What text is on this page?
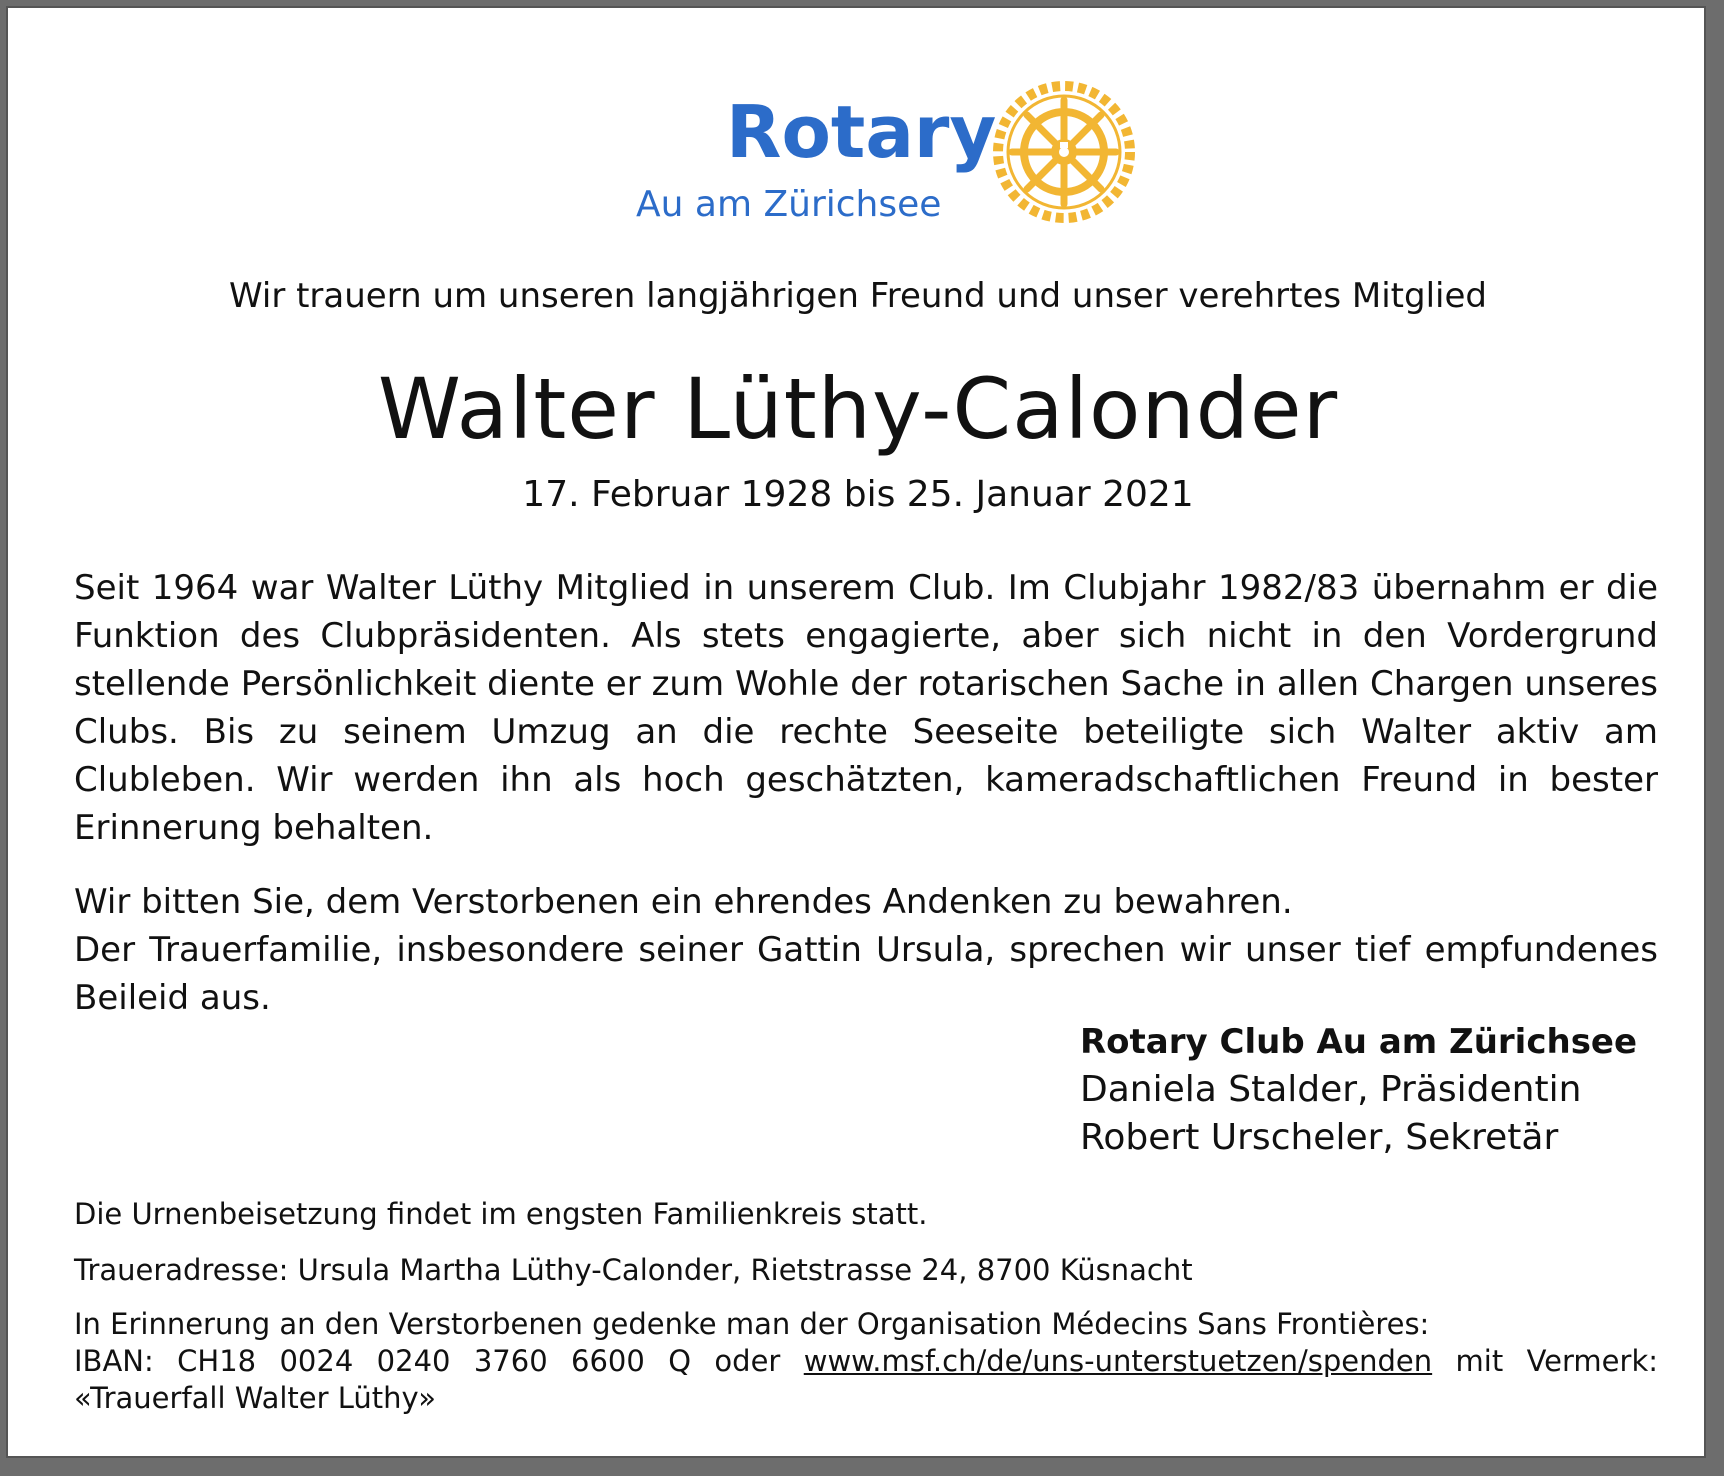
Rotary
Au am Zürichsee
Wir trauern um unseren langjährigen Freund und unser verehrtes Mitglied
Walter Lüthy-Calonder
17. Februar 1928 bis 25. Januar 2021
Seit 1964 war Walter Lüthy Mitglied in unserem Club. Im Clubjahr 1982/83 übernahm er die Funktion des Clubpräsidenten. Als stets engagierte, aber sich nicht in den Vordergrund stellende Persönlichkeit diente er zum Wohle der rotarischen Sache in allen Chargen unseres Clubs. Bis zu seinem Umzug an die rechte Seeseite beteiligte sich Walter aktiv am Clubleben. Wir werden ihn als hoch geschätzten, kameradschaftlichen Freund in bester Erinnerung behalten.
Wir bitten Sie, dem Verstorbenen ein ehrendes Andenken zu bewahren.
Der Trauerfamilie, insbesondere seiner Gattin Ursula, sprechen wir unser tief empfundenes Beileid aus.
Rotary Club Au am Zürichsee
Daniela Stalder, Präsidentin
Robert Urscheler, Sekretär
Die Urnenbeisetzung findet im engsten Familienkreis statt.
Traueradresse: Ursula Martha Lüthy-Calonder, Rietstrasse 24, 8700 Küsnacht
In Erinnerung an den Verstorbenen gedenke man der Organisation Médecins Sans Frontières:
IBAN: CH18 0024 0240 3760 6600 Q oder www.msf.ch/de/uns-unterstuetzen/spenden mit Vermerk:
«Trauerfall Walter Lüthy»
